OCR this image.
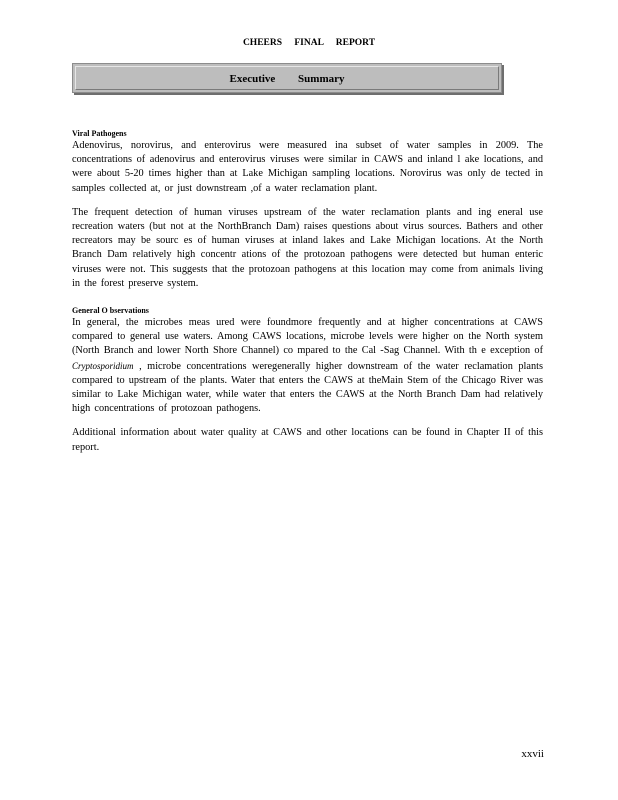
CHEERS FINAL REPORT
Executive Summary

Viral Pathogens

Adenovirus, norovirus, and enterovirus were measured ina subset of water samples in 2009. The concentrations of adenovirus and enterovirus viruses were similar in CAWS and inland l ake locations, and were about 5-20 times higher than at Lake Michigan sampling locations. Norovirus was only de tected in samples collected at, or just downstream ,of a water reclamation plant.

The frequent detection of human viruses upstream of the water reclamation plants and ing eneral use recreation waters (but not at the NorthBranch Dam) raises questions about virus sources. Bathers and other recreators may be sourc es of human viruses at inland lakes and Lake Michigan locations. At the North Branch Dam relatively high concentr ations of the protozoan pathogens were detected but human enteric viruses were not. This suggests that the protozoan pathogens at this location may come from animals living in the forest preserve system.

General O bservations

In general, the microbes meas ured were foundmore frequently and at higher concentrations at CAWS compared to general use waters. Among CAWS locations, microbe levels were higher on the North system (North Branch and lower North Shore Channel) co mpared to the Cal -Sag Channel. With th e exception of Cryptosporidium , microbe concentrations weregenerally higher downstream of the water reclamation plants compared to upstream of the plants. Water that enters the CAWS at theMain Stem of the Chicago River was similar to Lake Michigan water, while water that enters the CAWS at the North Branch Dam had relatively high concentrations of protozoan pathogens.

Additional information about water quality at CAWS and other locations can be found in Chapter II of this report.

xxvii
